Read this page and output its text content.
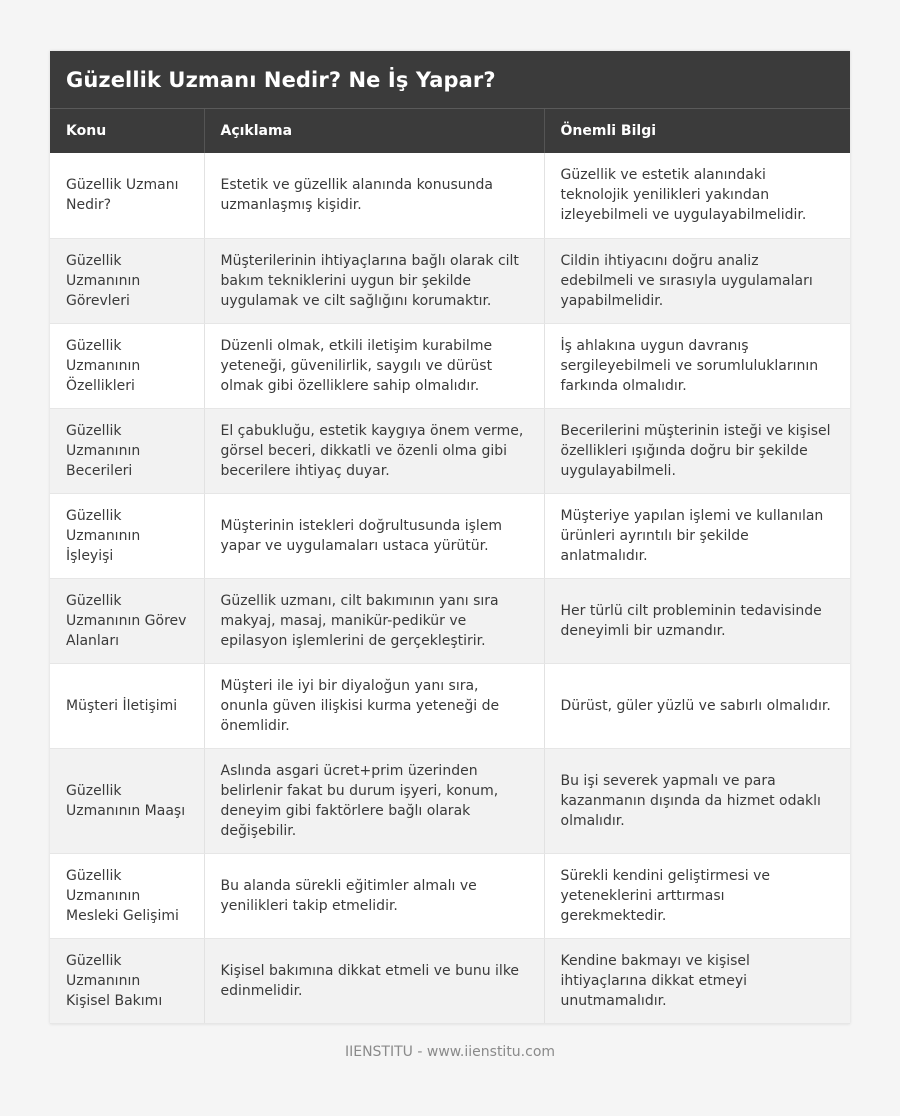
Güzellik Uzmanı Nedir? Ne İş Yapar?
Konu	Açıklama	Önemli Bilgi
Güzellik Uzmanı Nedir?	Estetik ve güzellik alanında konusunda uzmanlaşmış kişidir.	Güzellik ve estetik alanındaki teknolojik yenilikleri yakından izleyebilmeli ve uygulayabilmelidir.
Güzellik Uzmanının Görevleri	Müşterilerinin ihtiyaçlarına bağlı olarak cilt bakım tekniklerini uygun bir şekilde uygulamak ve cilt sağlığını korumaktır.	Cildin ihtiyacını doğru analiz edebilmeli ve sırasıyla uygulamaları yapabilmelidir.
Güzellik Uzmanının Özellikleri	Düzenli olmak, etkili iletişim kurabilme yeteneği, güvenilirlik, saygılı ve dürüst olmak gibi özelliklere sahip olmalıdır.	İş ahlakına uygun davranış sergileyebilmeli ve sorumluluklarının farkında olmalıdır.
Güzellik Uzmanının Becerileri	El çabukluğu, estetik kaygıya önem verme, görsel beceri, dikkatli ve özenli olma gibi becerilere ihtiyaç duyar.	Becerilerini müşterinin isteği ve kişisel özellikleri ışığında doğru bir şekilde uygulayabilmeli.
Güzellik Uzmanının İşleyişi	Müşterinin istekleri doğrultusunda işlem yapar ve uygulamaları ustaca yürütür.	Müşteriye yapılan işlemi ve kullanılan ürünleri ayrıntılı bir şekilde anlatmalıdır.
Güzellik Uzmanının Görev Alanları	Güzellik uzmanı, cilt bakımının yanı sıra makyaj, masaj, manikür-pedikür ve epilasyon işlemlerini de gerçekleştirir.	Her türlü cilt probleminin tedavisinde deneyimli bir uzmandır.
Müşteri İletişimi	Müşteri ile iyi bir diyaloğun yanı sıra, onunla güven ilişkisi kurma yeteneği de önemlidir.	Dürüst, güler yüzlü ve sabırlı olmalıdır.
Güzellik Uzmanının Maaşı	Aslında asgari ücret+prim üzerinden belirlenir fakat bu durum işyeri, konum, deneyim gibi faktörlere bağlı olarak değişebilir.	Bu işi severek yapmalı ve para kazanmanın dışında da hizmet odaklı olmalıdır.
Güzellik Uzmanının Mesleki Gelişimi	Bu alanda sürekli eğitimler almalı ve yenilikleri takip etmelidir.	Sürekli kendini geliştirmesi ve yeteneklerini arttırması gerekmektedir.
Güzellik Uzmanının Kişisel Bakımı	Kişisel bakımına dikkat etmeli ve bunu ilke edinmelidir.	Kendine bakmayı ve kişisel ihtiyaçlarına dikkat etmeyi unutmamalıdır.
IIENSTITU - www.iienstitu.com
